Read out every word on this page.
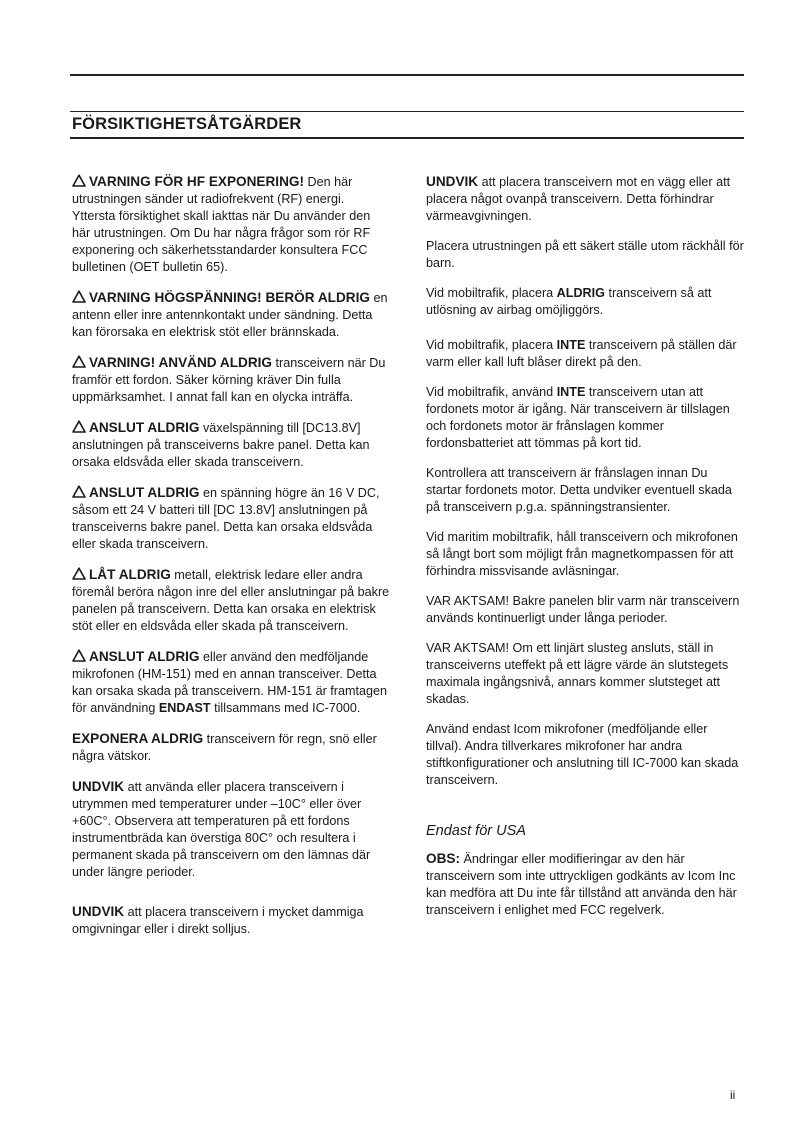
FÖRSIKTIGHETSÅTGÄRDER

VARNING FÖR HF EXPONERING! Den här utrustningen sänder ut radiofrekvent (RF) energi. Yttersta försiktighet skall iakttas när Du använder den här utrustningen. Om Du har några frågor som rör RF exponering och säkerhetsstandarder konsultera FCC bulletinen (OET bulletin 65).

VARNING HÖGSPÄNNING! BERÖR ALDRIG en antenn eller inre antennkontakt under sändning. Detta kan förorsaka en elektrisk stöt eller brännskada.

VARNING! ANVÄND ALDRIG transceivern när Du framför ett fordon. Säker körning kräver Din fulla uppmärksamhet. I annat fall kan en olycka inträffa.

ANSLUT ALDRIG växelspänning till [DC13.8V] anslutningen på transceiverns bakre panel. Detta kan orsaka eldsvåda eller skada transceivern.

ANSLUT ALDRIG en spänning högre än 16 V DC, såsom ett 24 V batteri till [DC 13.8V] anslutningen på transceiverns bakre panel. Detta kan orsaka eldsvåda eller skada transceivern.

LÅT ALDRIG metall, elektrisk ledare eller andra föremål beröra någon inre del eller anslutningar på bakre panelen på transceivern. Detta kan orsaka en elektrisk stöt eller en eldsvåda eller skada på transceivern.

ANSLUT ALDRIG eller använd den medföljande mikrofonen (HM-151) med en annan transceiver. Detta kan orsaka skada på transceivern. HM-151 är framtagen för användning ENDAST tillsammans med IC-7000.

EXPONERA ALDRIG transceivern för regn, snö eller några vätskor.

UNDVIK att använda eller placera transceivern i utrymmen med temperaturer under –10C° eller över +60C°. Observera att temperaturen på ett fordons instrumentbräda kan överstiga 80C° och resultera i permanent skada på transceivern om den lämnas där under längre perioder.

UNDVIK att placera transceivern i mycket dammiga omgivningar eller i direkt solljus.

UNDVIK att placera transceivern mot en vägg eller att placera något ovanpå transceivern. Detta förhindrar värmeavgivningen.

Placera utrustningen på ett säkert ställe utom räckhåll för barn.

Vid mobiltrafik, placera ALDRIG transceivern så att utlösning av airbag omöjliggörs.

Vid mobiltrafik, placera INTE transceivern på ställen där varm eller kall luft blåser direkt på den.

Vid mobiltrafik, använd INTE transceivern utan att fordonets motor är igång. När transceivern är tillslagen och fordonets motor är frånslagen kommer fordonsbatteriet att tömmas på kort tid.

Kontrollera att transceivern är frånslagen innan Du startar fordonets motor. Detta undviker eventuell skada på transceivern p.g.a. spänningstransienter.

Vid maritim mobiltrafik, håll transceivern och mikrofonen så långt bort som möjligt från magnetkompassen för att förhindra missvisande avläsningar.

VAR AKTSAM! Bakre panelen blir varm när transceivern används kontinuerligt under långa perioder.

VAR AKTSAM! Om ett linjärt slusteg ansluts, ställ in transceiverns uteffekt på ett lägre värde än slutstegets maximala ingångsnivå, annars kommer slutsteget att skadas.

Använd endast Icom mikrofoner (medföljande eller tillval). Andra tillverkares mikrofoner har andra stiftkonfigurationer och anslutning till IC-7000 kan skada transceivern.

Endast för USA

OBS: Ändringar eller modifieringar av den här transceivern som inte uttryckligen godkänts av Icom Inc kan medföra att Du inte får tillstånd att använda den här transceivern i enlighet med FCC regelverk.

ii
